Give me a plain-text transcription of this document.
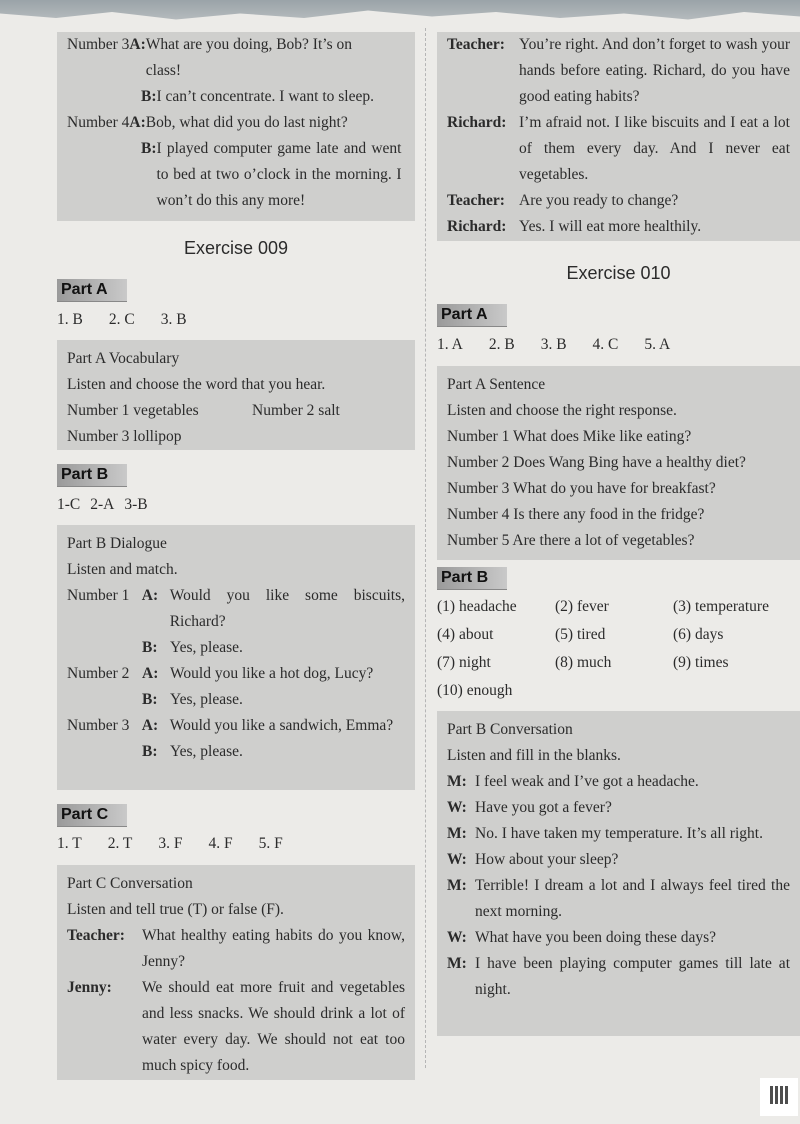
Number 3 A: What are you doing, Bob? It’s on class!
B: I can’t concentrate. I want to sleep.
Number 4 A: Bob, what did you do last night?
B: I played computer game late and went to bed at two o’clock in the morning. I won’t do this any more!
Exercise 009
Part A
1. B 2. C 3. B
Part A Vocabulary
Listen and choose the word that you hear.
Number 1 vegetables	Number 2 salt
Number 3 lollipop
Part B
1-C 2-A 3-B
Part B Dialogue
Listen and match.
Number 1 A: Would you like some biscuits, Richard?
B: Yes, please.
Number 2 A: Would you like a hot dog, Lucy?
B: Yes, please.
Number 3 A: Would you like a sandwich, Emma?
B: Yes, please.
Part C
1. T 2. T 3. F 4. F 5. F
Part C Conversation
Listen and tell true (T) or false (F).
Teacher:	What healthy eating habits do you know, Jenny?
Jenny:	We should eat more fruit and vegetables and less snacks. We should drink a lot of water every day. We should not eat too much spicy food.
Teacher: You’re right. And don’t forget to wash your hands before eating. Richard, do you have good eating habits?
Richard: I’m afraid not. I like biscuits and I eat a lot of them every day. And I never eat vegetables.
Teacher: Are you ready to change?
Richard: Yes. I will eat more healthily.
Exercise 010
Part A
1. A 2. B 3. B 4. C 5. A
Part A Sentence
Listen and choose the right response.
Number 1 What does Mike like eating?
Number 2 Does Wang Bing have a healthy diet?
Number 3 What do you have for breakfast?
Number 4 Is there any food in the fridge?
Number 5 Are there a lot of vegetables?
Part B
(1) headache	(2) fever	(3) temperature
(4) about	(5) tired	(6) days
(7) night	(8) much	(9) times
(10) enough
Part B Conversation
Listen and fill in the blanks.
M: I feel weak and I’ve got a headache.
W: Have you got a fever?
M: No. I have taken my temperature. It’s all right.
W: How about your sleep?
M: Terrible! I dream a lot and I always feel tired the next morning.
W: What have you been doing these days?
M: I have been playing computer games till late at night.
